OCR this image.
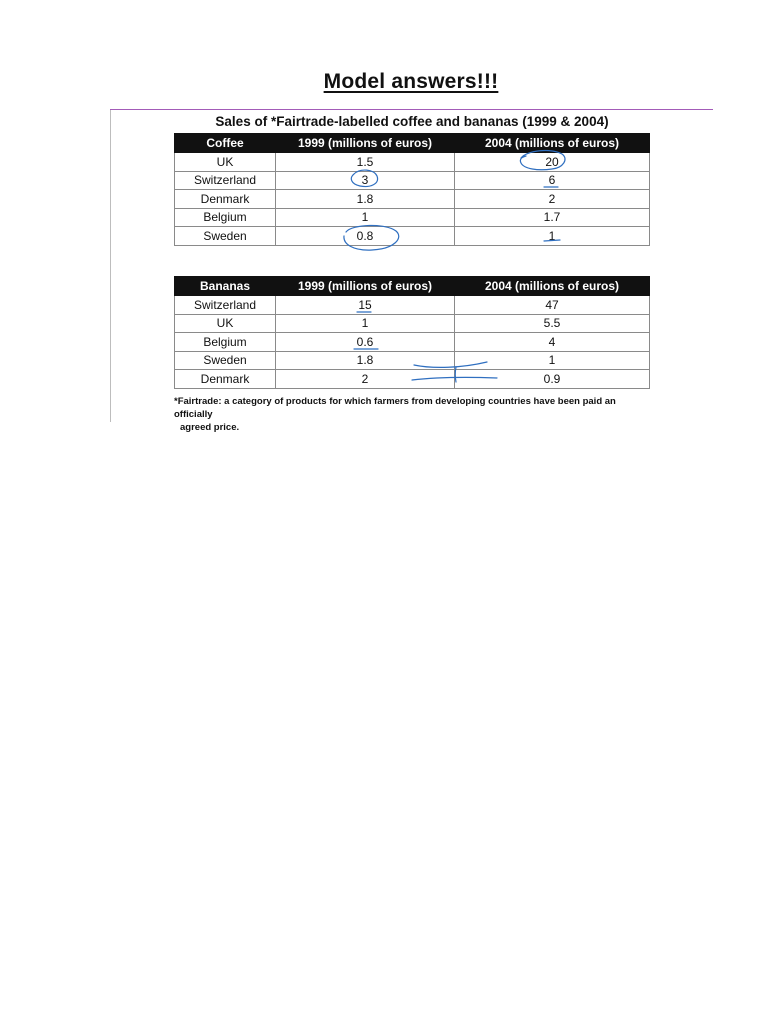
Model answers!!!
Sales of *Fairtrade-labelled coffee and bananas (1999 & 2004)
Coffee	1999 (millions of euros)	2004 (millions of euros)
UK	1.5	20
Switzerland	3	6
Denmark	1.8	2
Belgium	1	1.7
Sweden	0.8	1
Bananas	1999 (millions of euros)	2004 (millions of euros)
Switzerland	15	47
UK	1	5.5
Belgium	0.6	4
Sweden	1.8	1
Denmark	2	0.9
*Fairtrade: a category of products for which farmers from developing countries have been paid an officially
agreed price.
